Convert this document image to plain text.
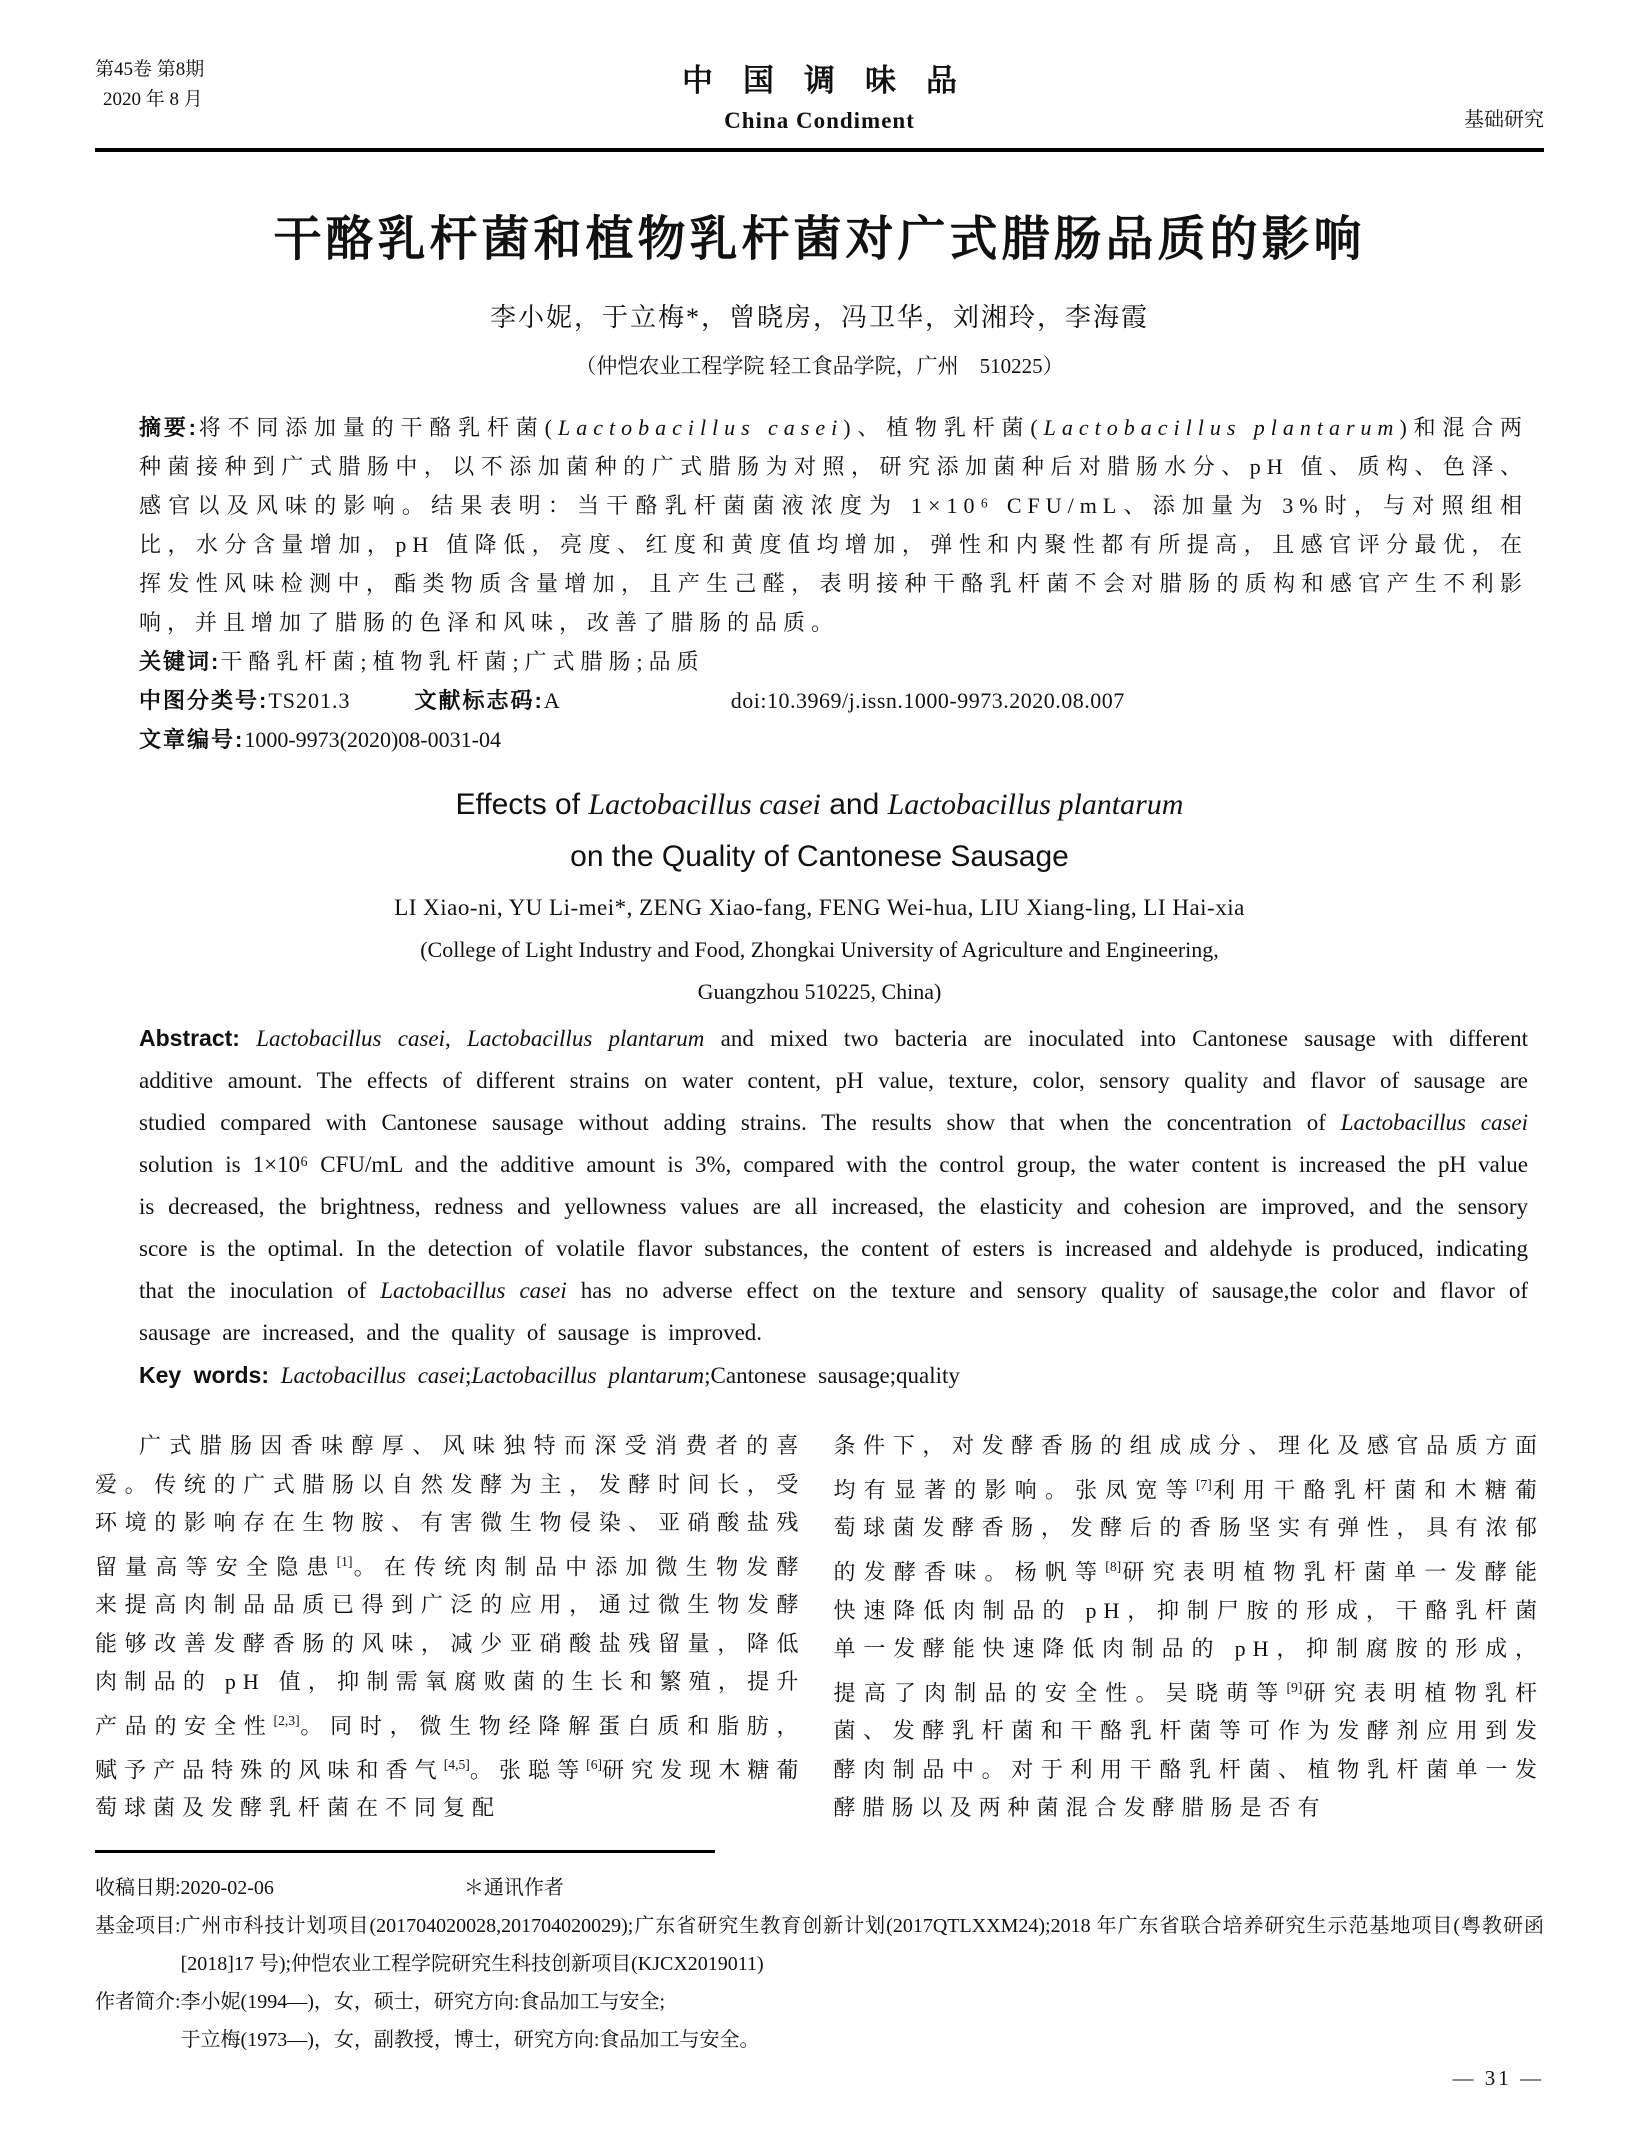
第45卷 第8期
2020 年 8 月
中国调味品
China Condiment	基础研究
干酪乳杆菌和植物乳杆菌对广式腊肠品质的影响
李小妮，于立梅*，曾晓房，冯卫华，刘湘玲，李海霞
（仲恺农业工程学院 轻工食品学院，广州　510225）

摘要:将不同添加量的干酪乳杆菌(Lactobacillus casei)、植物乳杆菌(Lactobacillus plantarum)和混合两种菌接种到广式腊肠中，以不添加菌种的广式腊肠为对照，研究添加菌种后对腊肠水分、pH 值、质构、色泽、感官以及风味的影响。结果表明：当干酪乳杆菌菌液浓度为 1×10⁶ CFU/mL、添加量为 3%时，与对照组相比，水分含量增加，pH 值降低，亮度、红度和黄度值均增加，弹性和内聚性都有所提高，且感官评分最优，在挥发性风味检测中，酯类物质含量增加，且产生己醛，表明接种干酪乳杆菌不会对腊肠的质构和感官产生不利影响，并且增加了腊肠的色泽和风味，改善了腊肠的品质。

关键词:干酪乳杆菌;植物乳杆菌;广式腊肠;品质

中图分类号:TS201.3	文献标志码:A	doi:10.3969/j.issn.1000-9973.2020.08.007

文章编号:1000-9973(2020)08-0031-04

Effects of Lactobacillus casei and Lactobacillus plantarum
on the Quality of Cantonese Sausage
LI Xiao-ni, YU Li-mei*, ZENG Xiao-fang, FENG Wei-hua, LIU Xiang-ling, LI Hai-xia
(College of Light Industry and Food, Zhongkai University of Agriculture and Engineering,
Guangzhou 510225, China)

Abstract: Lactobacillus casei, Lactobacillus plantarum and mixed two bacteria are inoculated into Cantonese sausage with different additive amount. The effects of different strains on water content, pH value, texture, color, sensory quality and flavor of sausage are studied compared with Cantonese sausage without adding strains. The results show that when the concentration of Lactobacillus casei solution is 1×10⁶ CFU/mL and the additive amount is 3%, compared with the control group, the water content is increased the pH value is decreased, the brightness, redness and yellowness values are all increased, the elasticity and cohesion are improved, and the sensory score is the optimal. In the detection of volatile flavor substances, the content of esters is increased and aldehyde is produced, indicating that the inoculation of Lactobacillus casei has no adverse effect on the texture and sensory quality of sausage,the color and flavor of sausage are increased, and the quality of sausage is improved.

Key words: Lactobacillus casei;Lactobacillus plantarum;Cantonese sausage;quality

广式腊肠因香味醇厚、风味独特而深受消费者的喜爱。传统的广式腊肠以自然发酵为主，发酵时间长，受环境的影响存在生物胺、有害微生物侵染、亚硝酸盐残留量高等安全隐患[1]。在传统肉制品中添加微生物发酵来提高肉制品品质已得到广泛的应用，通过微生物发酵能够改善发酵香肠的风味，减少亚硝酸盐残留量，降低肉制品的 pH 值，抑制需氧腐败菌的生长和繁殖，提升产品的安全性[2,3]。同时，微生物经降解蛋白质和脂肪，赋予产品特殊的风味和香气[4,5]。张聪等[6]研究发现木糖葡萄球菌及发酵乳杆菌在不同复配

条件下，对发酵香肠的组成成分、理化及感官品质方面均有显著的影响。张凤宽等[7]利用干酪乳杆菌和木糖葡萄球菌发酵香肠，发酵后的香肠坚实有弹性，具有浓郁的发酵香味。杨帆等[8]研究表明植物乳杆菌单一发酵能快速降低肉制品的 pH，抑制尸胺的形成，干酪乳杆菌单一发酵能快速降低肉制品的 pH，抑制腐胺的形成，提高了肉制品的安全性。吴晓萌等[9]研究表明植物乳杆菌、发酵乳杆菌和干酪乳杆菌等可作为发酵剂应用到发酵肉制品中。对于利用干酪乳杆菌、植物乳杆菌单一发酵腊肠以及两种菌混合发酵腊肠是否有

收稿日期:2020-02-06	＊通讯作者
基金项目: 广州市科技计划项目(201704020028,201704020029);广东省研究生教育创新计划(2017QTLXXM24);2018 年广东省联合培养研究生示范基地项目(粤教研函[2018]17 号);仲恺农业工程学院研究生科技创新项目(KJCX2019011)
作者简介: 李小妮(1994—)，女，硕士，研究方向:食品加工与安全;
于立梅(1973—)，女，副教授，博士，研究方向:食品加工与安全。
— 31 —
